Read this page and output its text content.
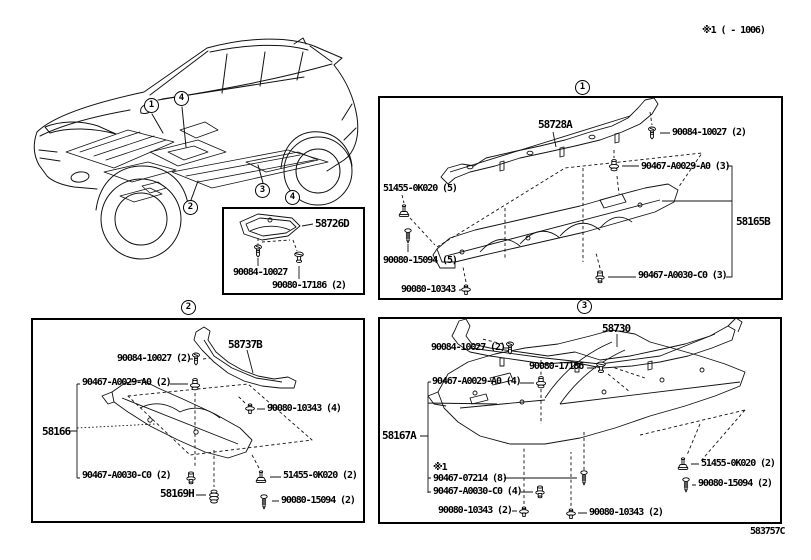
1
4
2
3
4
1
2	3
※1 ( - 1006)
583757C
58726D
90084-10027
90080-17186 (2)
58728A
90084-10027 (2)
90467-A0029-A0 (3)
51455-0K020 (5)
58165B
90080-15094 (5)
90467-A0030-C0 (3)
90080-10343
58737B
90084-10027 (2)
90467-A0029-A0 (2)
90080-10343 (4)
58166
90467-A0030-C0 (2)	51455-0K020 (2)
58169H
90080-15094 (2)
58730
90084-10027 (2)
90080-17186
90467-A0029-A0 (4)
58167A
※1
90467-07214 (8)
90467-A0030-C0 (4)
51455-0K020 (2)
90080-15094 (2)
90080-10343 (2)	90080-10343 (2)
